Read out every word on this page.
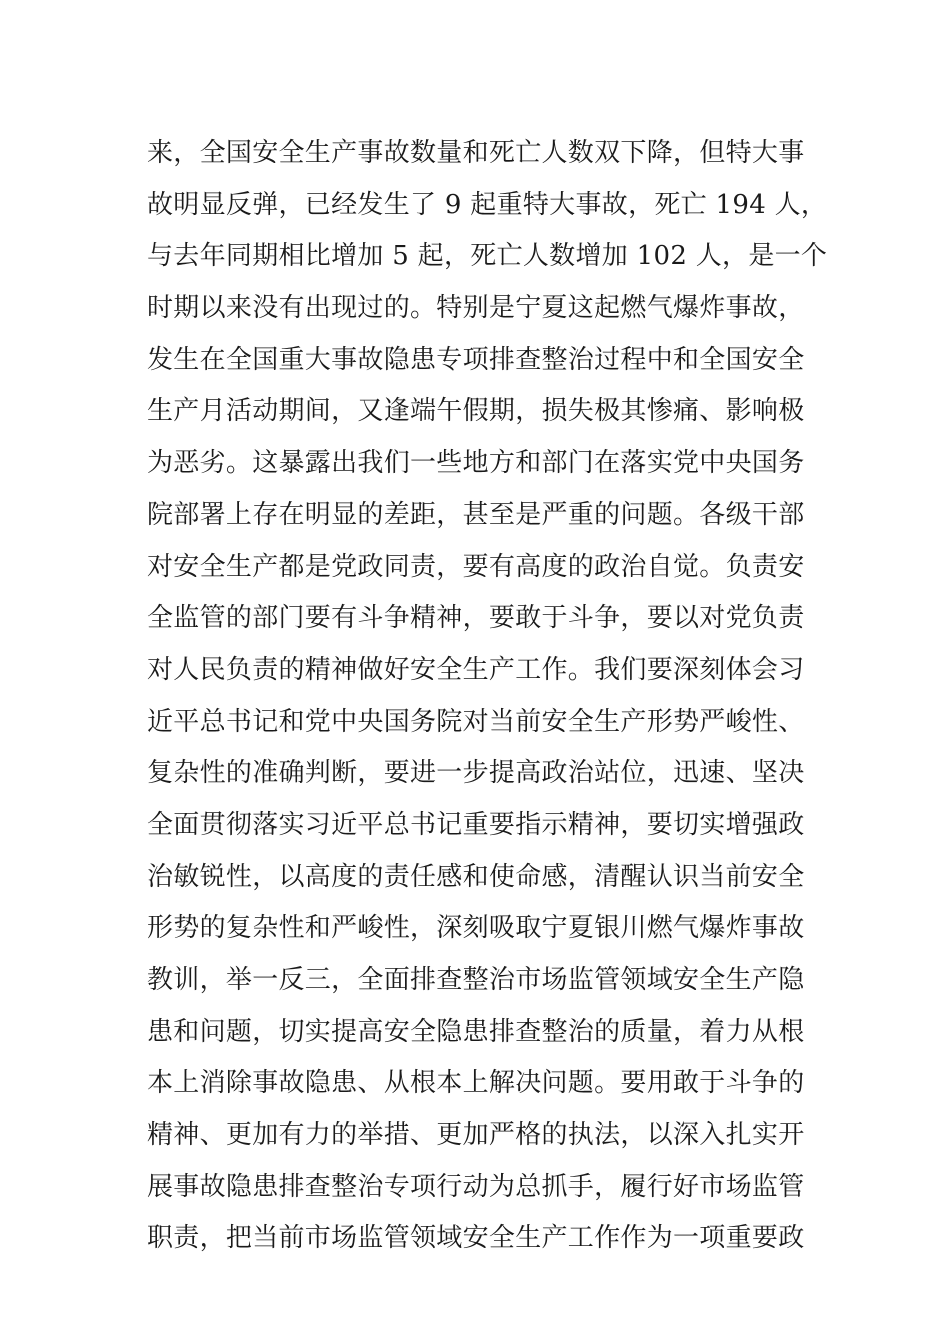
来，全国安全生产事故数量和死亡人数双下降，但特大事
故明显反弹，已经发生了 9 起重特大事故，死亡 194 人，
与去年同期相比增加 5 起，死亡人数增加 102 人，是一个
时期以来没有出现过的。特别是宁夏这起燃气爆炸事故，
发生在全国重大事故隐患专项排查整治过程中和全国安全
生产月活动期间，又逢端午假期，损失极其惨痛、影响极
为恶劣。这暴露出我们一些地方和部门在落实党中央国务
院部署上存在明显的差距，甚至是严重的问题。各级干部
对安全生产都是党政同责，要有高度的政治自觉。负责安
全监管的部门要有斗争精神，要敢于斗争，要以对党负责
对人民负责的精神做好安全生产工作。我们要深刻体会习
近平总书记和党中央国务院对当前安全生产形势严峻性、
复杂性的准确判断，要进一步提高政治站位，迅速、坚决
全面贯彻落实习近平总书记重要指示精神，要切实增强政
治敏锐性，以高度的责任感和使命感，清醒认识当前安全
形势的复杂性和严峻性，深刻吸取宁夏银川燃气爆炸事故
教训，举一反三，全面排查整治市场监管领域安全生产隐
患和问题，切实提高安全隐患排查整治的质量，着力从根
本上消除事故隐患、从根本上解决问题。要用敢于斗争的
精神、更加有力的举措、更加严格的执法，以深入扎实开
展事故隐患排查整治专项行动为总抓手，履行好市场监管
职责，把当前市场监管领域安全生产工作作为一项重要政
